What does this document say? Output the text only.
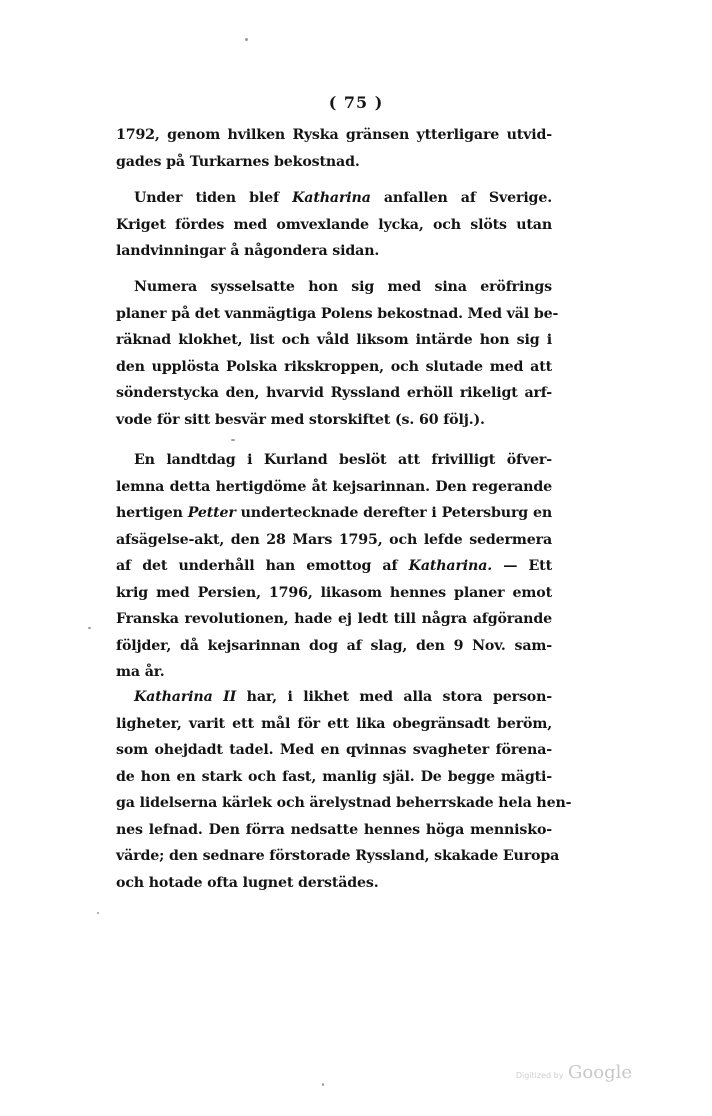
( 75 )
1792, genom hvilken Ryska gränsen ytterligare utvid-
gades på Turkarnes bekostnad.
Under tiden blef Katharina anfallen af Sverige.
Kriget fördes med omvexlande lycka, och slöts utan
landvinningar å någondera sidan.
Numera sysselsatte hon sig med sina eröfrings
planer på det vanmägtiga Polens bekostnad. Med väl be-
räknad klokhet, list och våld liksom intärde hon sig i
den upplösta Polska rikskroppen, och slutade med att
sönderstycka den, hvarvid Ryssland erhöll rikeligt arf-
vode för sitt besvär med storskiftet (s. 60 följ.).
En landtdag i Kurland beslöt att frivilligt öfver-
lemna detta hertigdöme åt kejsarinnan. Den regerande
hertigen Petter undertecknade derefter i Petersburg en
afsägelse-akt, den 28 Mars 1795, och lefde sedermera
af det underhåll han emottog af Katharina. — Ett
krig med Persien, 1796, likasom hennes planer emot
Franska revolutionen, hade ej ledt till några afgörande
följder, då kejsarinnan dog af slag, den 9 Nov. sam-
ma år.
Katharina II har, i likhet med alla stora person-
ligheter, varit ett mål för ett lika obegränsadt beröm,
som ohejdadt tadel. Med en qvinnas svagheter förena-
de hon en stark och fast, manlig själ. De begge mägti-
ga lidelserna kärlek och ärelystnad beherrskade hela hen-
nes lefnad. Den förra nedsatte hennes höga mennisko-
värde; den sednare förstorade Ryssland, skakade Europa
och hotade ofta lugnet derstädes.
Digitized by Google
